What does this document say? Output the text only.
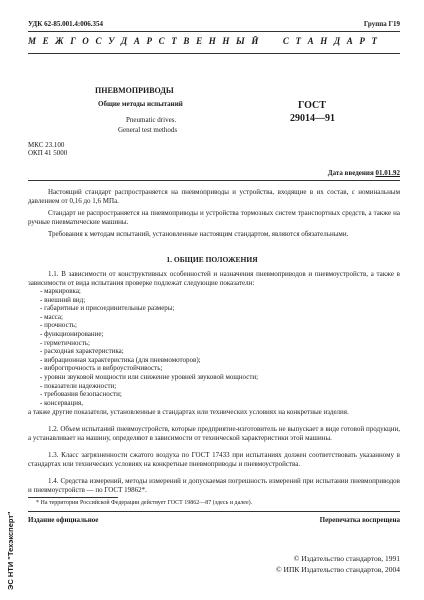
УДК 62-85.001.4:006.354	Группа Г19
М Е Ж Г О С У Д А Р С Т В Е Н Н Ы Й     С Т А Н Д А Р Т
ПНЕВМОПРИВОДЫ
Общие методы испытаний
Pneumatic drives.
General test methods
ГОСТ
29014—91
МКС 23.100
ОКП 41 5000
Дата введения 01.01.92
Настоящий стандарт распространяется на пневмоприводы и устройства, входящие в их состав, с номинальным давлением от 0,16 до 1,6 МПа.
Стандарт не распространяется на пневмоприводы и устройства тормозных систем транспортных средств, а также на ручные пневматические машины.
Требования к методам испытаний, установленные настоящим стандартом, являются обязательными.
1. ОБЩИЕ ПОЛОЖЕНИЯ
1.1. В зависимости от конструктивных особенностей и назначения пневмоприводов и пневмоустройств, а также в зависимости от вида испытания проверке подлежат следующие показатели:
- маркировка;
- внешний вид;
- габаритные и присоединительные размеры;
- масса;
- прочность;
- функционирование;
- герметичность;
- расходная характеристика;
- вибрационная характеристика (для пневмомоторов);
- виброгпрочность и виброустойчивость;
- уровни звуковой мощности или снижение уровней звуковой мощности;
- показатели надежности;
- требования безопасности;
- консервация,
а также другие показатели, установленные в стандартах или технических условиях на конкретные изделия.
1.2. Объем испытаний пневмоустройств, которые предприятие-изготовитель не выпускает в виде готовой продукции, а устанавливает на машину, определяют в зависимости от технической характеристики этой машины.
1.3. Класс загрязненности сжатого воздуха по ГОСТ 17433 при испытаниях должен соответствовать указанному в стандартах или технических условиях на конкретные пневмоприводы и пневмоустройства.
1.4. Средства измерений, методы измерений и допускаемая погрешность измерений при испытании пневмоприводов и пневмоустройств — по ГОСТ 19862*.
* На территории Российской Федерации действует ГОСТ 19862—87 (здесь и далее).
Издание официальное	Перепечатка воспрещена
© Издательство стандартов, 1991
© ИПК Издательство стандартов, 2004
ЭС НТИ "Техэксперт"
